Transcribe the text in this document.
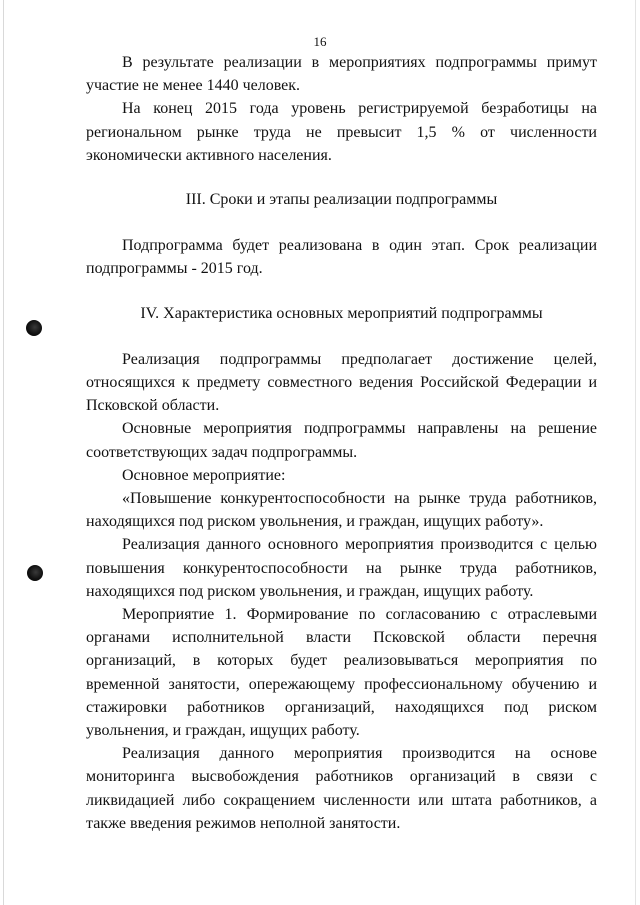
16

В результате реализации в мероприятиях подпрограммы примут участие не менее 1440 человек.

На конец 2015 года уровень регистрируемой безработицы на региональном рынке труда не превысит 1,5 % от численности экономически активного населения.

III. Сроки и этапы реализации подпрограммы

Подпрограмма будет реализована в один этап. Срок реализации подпрограммы - 2015 год.

IV. Характеристика основных мероприятий подпрограммы

Реализация подпрограммы предполагает достижение целей, относящихся к предмету совместного ведения Российской Федерации и Псковской области.

Основные мероприятия подпрограммы направлены на решение соответствующих задач подпрограммы.

Основное мероприятие:

«Повышение конкурентоспособности на рынке труда работников, находящихся под риском увольнения, и граждан, ищущих работу».

Реализация данного основного мероприятия производится с целью повышения конкурентоспособности на рынке труда работников, находящихся под риском увольнения, и граждан, ищущих работу.

Мероприятие 1. Формирование по согласованию с отраслевыми органами исполнительной власти Псковской области перечня организаций, в которых будет реализовываться мероприятия по временной занятости, опережающему профессиональному обучению и стажировки работников организаций, находящихся под риском увольнения, и граждан, ищущих работу.

Реализация данного мероприятия производится на основе мониторинга высвобождения работников организаций в связи с ликвидацией либо сокращением численности или штата работников, а также введения режимов неполной занятости.
